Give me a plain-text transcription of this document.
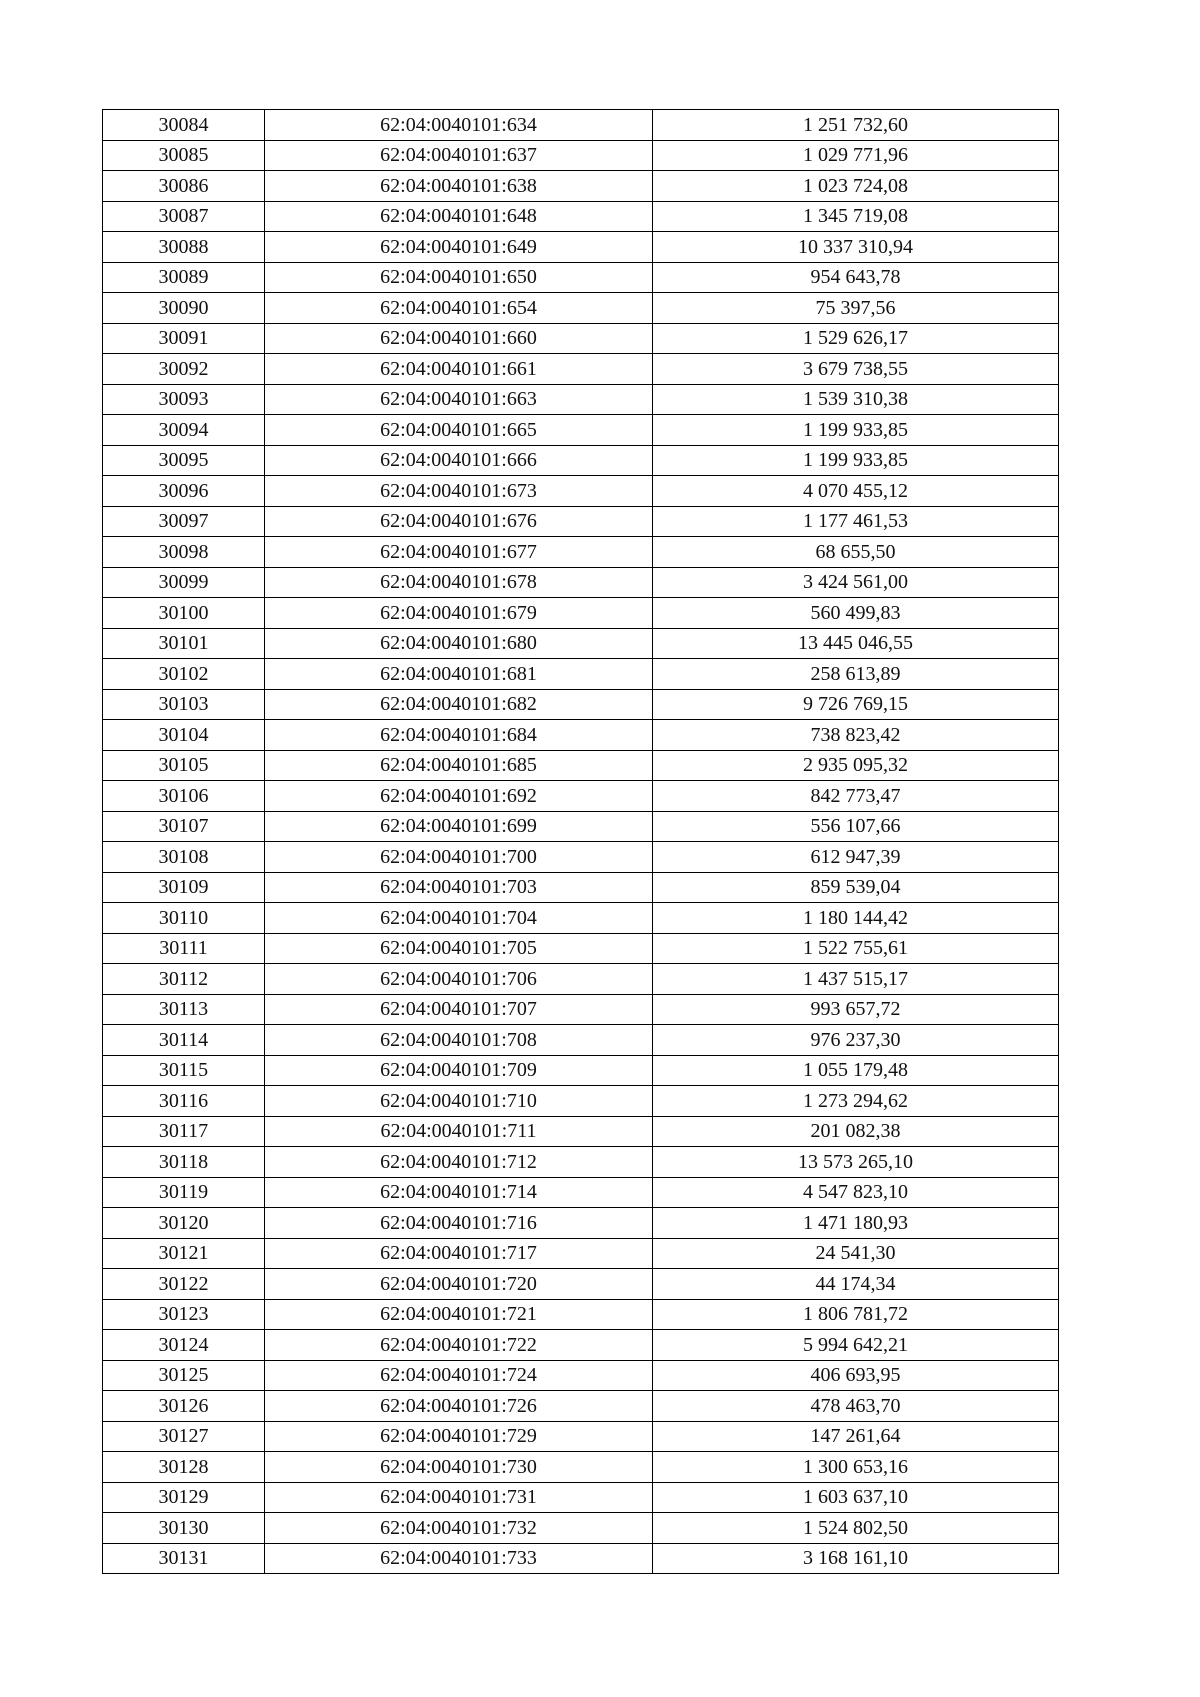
30084	62:04:0040101:634	1 251 732,60
30085	62:04:0040101:637	1 029 771,96
30086	62:04:0040101:638	1 023 724,08
30087	62:04:0040101:648	1 345 719,08
30088	62:04:0040101:649	10 337 310,94
30089	62:04:0040101:650	954 643,78
30090	62:04:0040101:654	75 397,56
30091	62:04:0040101:660	1 529 626,17
30092	62:04:0040101:661	3 679 738,55
30093	62:04:0040101:663	1 539 310,38
30094	62:04:0040101:665	1 199 933,85
30095	62:04:0040101:666	1 199 933,85
30096	62:04:0040101:673	4 070 455,12
30097	62:04:0040101:676	1 177 461,53
30098	62:04:0040101:677	68 655,50
30099	62:04:0040101:678	3 424 561,00
30100	62:04:0040101:679	560 499,83
30101	62:04:0040101:680	13 445 046,55
30102	62:04:0040101:681	258 613,89
30103	62:04:0040101:682	9 726 769,15
30104	62:04:0040101:684	738 823,42
30105	62:04:0040101:685	2 935 095,32
30106	62:04:0040101:692	842 773,47
30107	62:04:0040101:699	556 107,66
30108	62:04:0040101:700	612 947,39
30109	62:04:0040101:703	859 539,04
30110	62:04:0040101:704	1 180 144,42
30111	62:04:0040101:705	1 522 755,61
30112	62:04:0040101:706	1 437 515,17
30113	62:04:0040101:707	993 657,72
30114	62:04:0040101:708	976 237,30
30115	62:04:0040101:709	1 055 179,48
30116	62:04:0040101:710	1 273 294,62
30117	62:04:0040101:711	201 082,38
30118	62:04:0040101:712	13 573 265,10
30119	62:04:0040101:714	4 547 823,10
30120	62:04:0040101:716	1 471 180,93
30121	62:04:0040101:717	24 541,30
30122	62:04:0040101:720	44 174,34
30123	62:04:0040101:721	1 806 781,72
30124	62:04:0040101:722	5 994 642,21
30125	62:04:0040101:724	406 693,95
30126	62:04:0040101:726	478 463,70
30127	62:04:0040101:729	147 261,64
30128	62:04:0040101:730	1 300 653,16
30129	62:04:0040101:731	1 603 637,10
30130	62:04:0040101:732	1 524 802,50
30131	62:04:0040101:733	3 168 161,10
